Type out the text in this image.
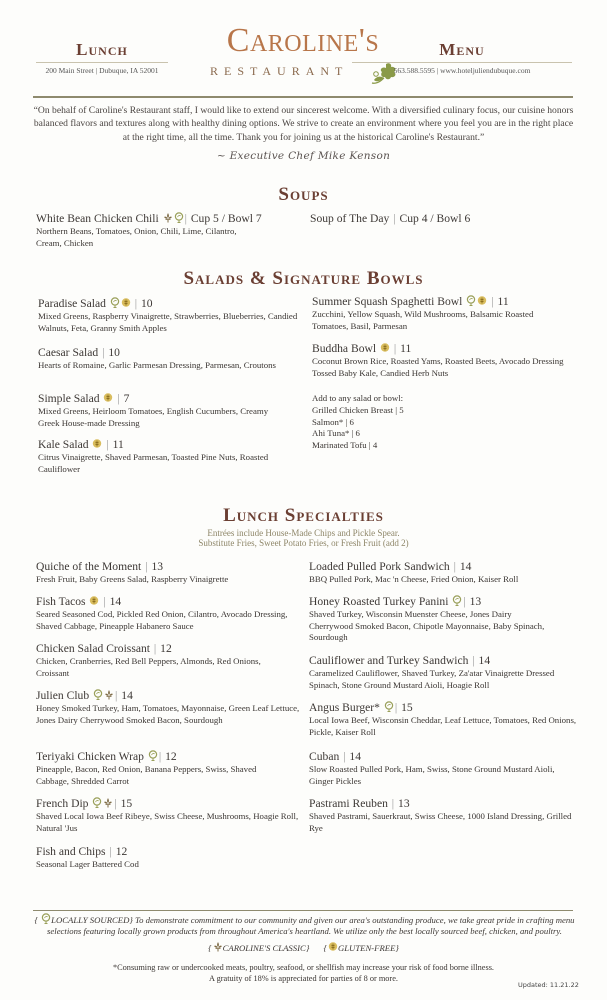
Lunch
200 Main Street | Dubuque, IA 52001
Caroline's
RESTAURANT
Menu
563.588.5595 | www.hoteljuliendubuque.com
“On behalf of Caroline's Restaurant staff, I would like to extend our sincerest welcome. With a diversified culinary focus, our cuisine honors balanced flavors and textures along with healthy dining options. We strive to create an environment where you feel you are in the right place at the right time, all the time. Thank you for joining us at the historical Caroline's Restaurant.”
~ Executive Chef Mike Kenson
Soups
White Bean Chicken Chili | Cup 5 / Bowl 7
Northern Beans, Tomatoes, Onion, Chili, Lime, Cilantro, Cream, Chicken
Soup of The Day | Cup 4 / Bowl 6
Salads & Signature Bowls
Paradise Salad | 10
Mixed Greens, Raspberry Vinaigrette, Strawberries, Blueberries, Candied Walnuts, Feta, Granny Smith Apples
Caesar Salad | 10
Hearts of Romaine, Garlic Parmesan Dressing, Parmesan, Croutons
Simple Salad | 7
Mixed Greens, Heirloom Tomatoes, English Cucumbers, Creamy Greek House-made Dressing
Kale Salad | 11
Citrus Vinaigrette, Shaved Parmesan, Toasted Pine Nuts, Roasted Cauliflower
Summer Squash Spaghetti Bowl | 11
Zucchini, Yellow Squash, Wild Mushrooms, Balsamic Roasted Tomatoes, Basil, Parmesan
Buddha Bowl | 11
Coconut Brown Rice, Roasted Yams, Roasted Beets, Avocado Dressing Tossed Baby Kale, Candied Herb Nuts
Add to any salad or bowl:
Grilled Chicken Breast | 5
Salmon* | 6
Ahi Tuna* | 6
Marinated Tofu | 4
Lunch Specialties
Entrées include House-Made Chips and Pickle Spear.
Substitute Fries, Sweet Potato Fries, or Fresh Fruit (add 2)
Quiche of the Moment | 13
Fresh Fruit, Baby Greens Salad, Raspberry Vinaigrette
Fish Tacos | 14
Seared Seasoned Cod, Pickled Red Onion, Cilantro, Avocado Dressing, Shaved Cabbage, Pineapple Habanero Sauce
Chicken Salad Croissant | 12
Chicken, Cranberries, Red Bell Peppers, Almonds, Red Onions, Croissant
Julien Club | 14
Honey Smoked Turkey, Ham, Tomatoes, Mayonnaise, Green Leaf Lettuce, Jones Dairy Cherrywood Smoked Bacon, Sourdough
Teriyaki Chicken Wrap | 12
Pineapple, Bacon, Red Onion, Banana Peppers, Swiss, Shaved Cabbage, Shredded Carrot
French Dip | 15
Shaved Local Iowa Beef Ribeye, Swiss Cheese, Mushrooms, Hoagie Roll, Natural 'Jus
Fish and Chips | 12
Seasonal Lager Battered Cod
Loaded Pulled Pork Sandwich | 14
BBQ Pulled Pork, Mac 'n Cheese, Fried Onion, Kaiser Roll
Honey Roasted Turkey Panini | 13
Shaved Turkey, Wisconsin Muenster Cheese, Jones Dairy Cherrywood Smoked Bacon, Chipotle Mayonnaise, Baby Spinach, Sourdough
Cauliflower and Turkey Sandwich | 14
Caramelized Cauliflower, Shaved Turkey, Za'atar Vinaigrette Dressed Spinach, Stone Ground Mustard Aioli, Hoagie Roll
Angus Burger* | 15
Local Iowa Beef, Wisconsin Cheddar, Leaf Lettuce, Tomatoes, Red Onions, Pickle, Kaiser Roll
Cuban | 14
Slow Roasted Pulled Pork, Ham, Swiss, Stone Ground Mustard Aioli, Ginger Pickles
Pastrami Reuben | 13
Shaved Pastrami, Sauerkraut, Swiss Cheese, 1000 Island Dressing, Grilled Rye
{ LOCALLY SOURCED} To demonstrate commitment to our community and given our area's outstanding produce, we take great pride in crafting menu selections featuring locally grown products from throughout America's heartland. We utilize only the best locally sourced beef, chicken, and poultry.
{ CAROLINE'S CLASSIC} { GLUTEN-FREE}
*Consuming raw or undercooked meats, poultry, seafood, or shellfish may increase your risk of food borne illness.
A gratuity of 18% is appreciated for parties of 8 or more.
Updated: 11.21.22
